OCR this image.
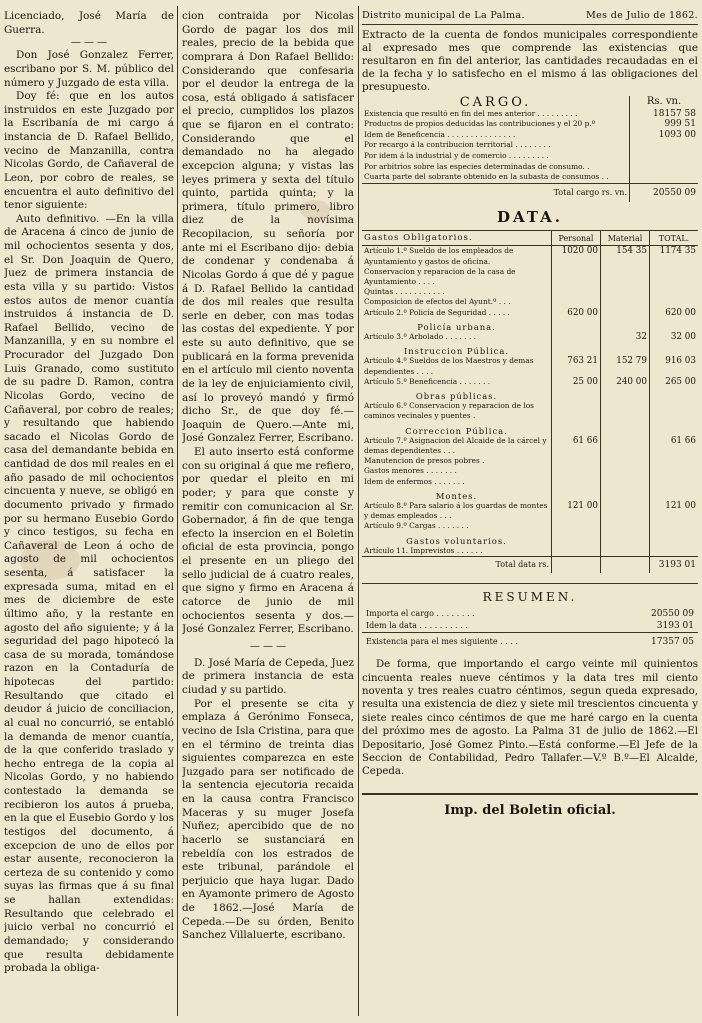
Licenciado, José María de Guerra.

— — —

Don José Gonzalez Ferrer, escribano por S. M. público del número y Juzgado de esta villa.

Doy fé: que en los autos instruidos en este Juzgado por la Escribanía de mi cargo á instancia de D. Rafael Bellido, vecino de Manzanilla, contra Nicolas Gordo, de Cañaveral de Leon, por cobro de reales, se encuentra el auto definitivo del tenor siguiente:

Auto definitivo. —En la villa de Aracena á cinco de junio de mil ochocientos sesenta y dos, el Sr. Don Joaquin de Quero, Juez de primera instancia de esta villa y su partido: Vistos estos autos de menor cuantía instruidos á instancia de D. Rafael Bellido, vecino de Manzanilla, y en su nombre el Procurador del Juzgado Don Luis Granado, como sustituto de su padre D. Ramon, contra Nicolas Gordo, vecino de Cañaveral, por cobro de reales; y resultando que habiendo sacado el Nicolas Gordo de casa del demandante bebida en cantidad de dos mil reales en el año pasado de mil ochocientos cincuenta y nueve, se obligó en documento privado y firmado por su hermano Eusebio Gordo y cinco testigos, su fecha en Cañaveral de Leon á ocho de agosto de mil ochocientos sesenta, á satisfacer la expresada suma, mitad en el mes de diciembre de este último año, y la restante en agosto del año siguiente; y á la seguridad del pago hipotecó la casa de su morada, tomándose razon en la Contaduría de hipotecas del partido: Resultando que citado el deudor á juicio de conciliacion, al cual no concurrió, se entabló la demanda de menor cuantía, de la que conferido traslado y hecho entrega de la copia al Nicolas Gordo, y no habiendo contestado la demanda se recibieron los autos á prueba, en la que el Eusebio Gordo y los testigos del documento, á excepcion de uno de ellos por estar ausente, reconocieron la certeza de su contenido y como suyas las firmas que á su final se hallan extendidas: Resultando que celebrado el juicio verbal no concurrió el demandado; y considerando que resulta debidamente probada la obliga-

cion contraida por Nicolas Gordo de pagar los dos mil reales, precio de la bebida que comprara á Don Rafael Bellido: Considerando que confesaria por el deudor la entrega de la cosa, está obligado á satisfacer el precio, cumplidos los plazos que se fijaron en el contrato: Considerando que el demandado no ha alegado excepcion alguna; y vistas las leyes primera y sexta del título quinto, partida quinta; y la primera, título primero, libro diez de la novísima Recopilacion, su señoría por ante mi el Escribano dijo: debia de condenar y condenaba á Nicolas Gordo á que dé y pague á D. Rafael Bellido la cantidad de dos mil reales que resulta serle en deber, con mas todas las costas del expediente. Y por este su auto definitivo, que se publicará en la forma prevenida en el artículo mil ciento noventa de la ley de enjuiciamiento civil, así lo proveyó mandó y firmó dicho Sr., de que doy fé.—Joaquin de Quero.—Ante mi, José Gonzalez Ferrer, Escribano.

El auto inserto está conforme con su original á que me refiero, por quedar el pleito en mi poder; y para que conste y remitir con comunicacion al Sr. Gobernador, á fin de que tenga efecto la insercion en el Boletin oficial de esta provincia, pongo el presente en un pliego del sello judicial de á cuatro reales, que signo y firmo en Aracena á catorce de junio de mil ochocientos sesenta y dos.—José Gonzalez Ferrer, Escribano.

— — —

D. José María de Cepeda, Juez de primera instancia de esta ciudad y su partido.

Por el presente se cita y emplaza á Gerónimo Fonseca, vecino de Isla Cristina, para que en el término de treinta dias siguientes comparezca en este Juzgado para ser notificado de la sentencia ejecutoria recaida en la causa contra Francisco Maceras y su muger Josefa Nuñez; apercibido que de no hacerlo se sustanciará en rebeldía con los estrados de este tribunal, parándole el perjuicio que haya lugar. Dado en Ayamonte primero de Agosto de 1862.—José María de Cepeda.—De su órden, Benito Sanchez Villaluerte, escribano.

Distrito municipal de La Palma.	Mes de Julio de 1862.

Extracto de la cuenta de fondos municipales correspondiente al expresado mes que comprende las existencias que resultaron en fin del anterior, las cantidades recaudadas en el de la fecha y lo satisfecho en el mismo á las obligaciones del presupuesto.

CARGO.	Rs. vn.
Existencia que resultó en fin del mes anterior . . . . . . . . .	18157 58
Productos de propios deducidas las contribuciones y el 20 p.º	999 51
Idem de Beneficencia . . . . . . . . . . . . . . .	1093 00
Por recargo á la contribucion territorial . . . . . . . .	
Por idem á la industrial y de comercio . . . . . . . . .	
Por arbitrios sobre las especies determinadas de consumo. .	
Cuarta parte del sobrante obtenido en la subasta de consumos . .	
Total cargo rs. vn.	20550 09
DATA.
Gastos Obligatorios.	Personal	Material	TOTAL.
Artículo 1.º Sueldo de los empleados de Ayuntamiento y gastos de oficina.	1020 00	154 35	1174 35
Conservacion y reparacion de la casa de Ayuntamiento . . . .			
Quintas . . . . . . . . . . .			
Composicion de efectos del Ayunt.º . . .			
Artículo 2.º Policía de Seguridad . . . . .	620 00		620 00
Policía urbana.			
Artículo 3.º Arbolado . . . . . . .		32	32 00
Instruccion Pública.			
Artículo 4.º Sueldos de los Maestros y demas dependientes . . . .	763 21	152 79	916 03
Artículo 5.º Beneficencia . . . . . . .	25 00	240 00	265 00
Obras públicas.			
Artículo 6.º Conservacion y reparacion de los caminos vecinales y puentes .			
Correccion Pública.			
Artículo 7.º Asignacion del Alcaide de la cárcel y demas dependientes . . .	61 66		61 66
Manutencion de presos pobres .			
Gastos menores . . . . . . .			
Idem de enfermos . . . . . . .			
Montes.			
Artículo 8.º Para salario á los guardas de montes y demas empleados . . .	121 00		121 00
Artículo 9.º Cargas . . . . . . .			
Gastos voluntarios.			
Artículo 11. Imprevistos . . . . . .			
Total data rs.			3193 01
RESUMEN.
Importa el cargo . . . . . . . .	20550 09
Idem la data . . . . . . . . . .	3193 01
Existencia para el mes siguiente . . . .	17357 05

De forma, que importando el cargo veinte mil quinientos cincuenta reales nueve céntimos y la data tres mil ciento noventa y tres reales cuatro céntimos, segun queda expresado, resulta una existencia de diez y siete mil trescientos cincuenta y siete reales cinco céntimos de que me haré cargo en la cuenta del próximo mes de agosto. La Palma 31 de julio de 1862.—El Depositario, José Gomez Pinto.—Está conforme.—El Jefe de la Seccion de Contabilidad, Pedro Tallafer.—V.º B.º—El Alcalde, Cepeda.

Imp. del Boletin oficial.
